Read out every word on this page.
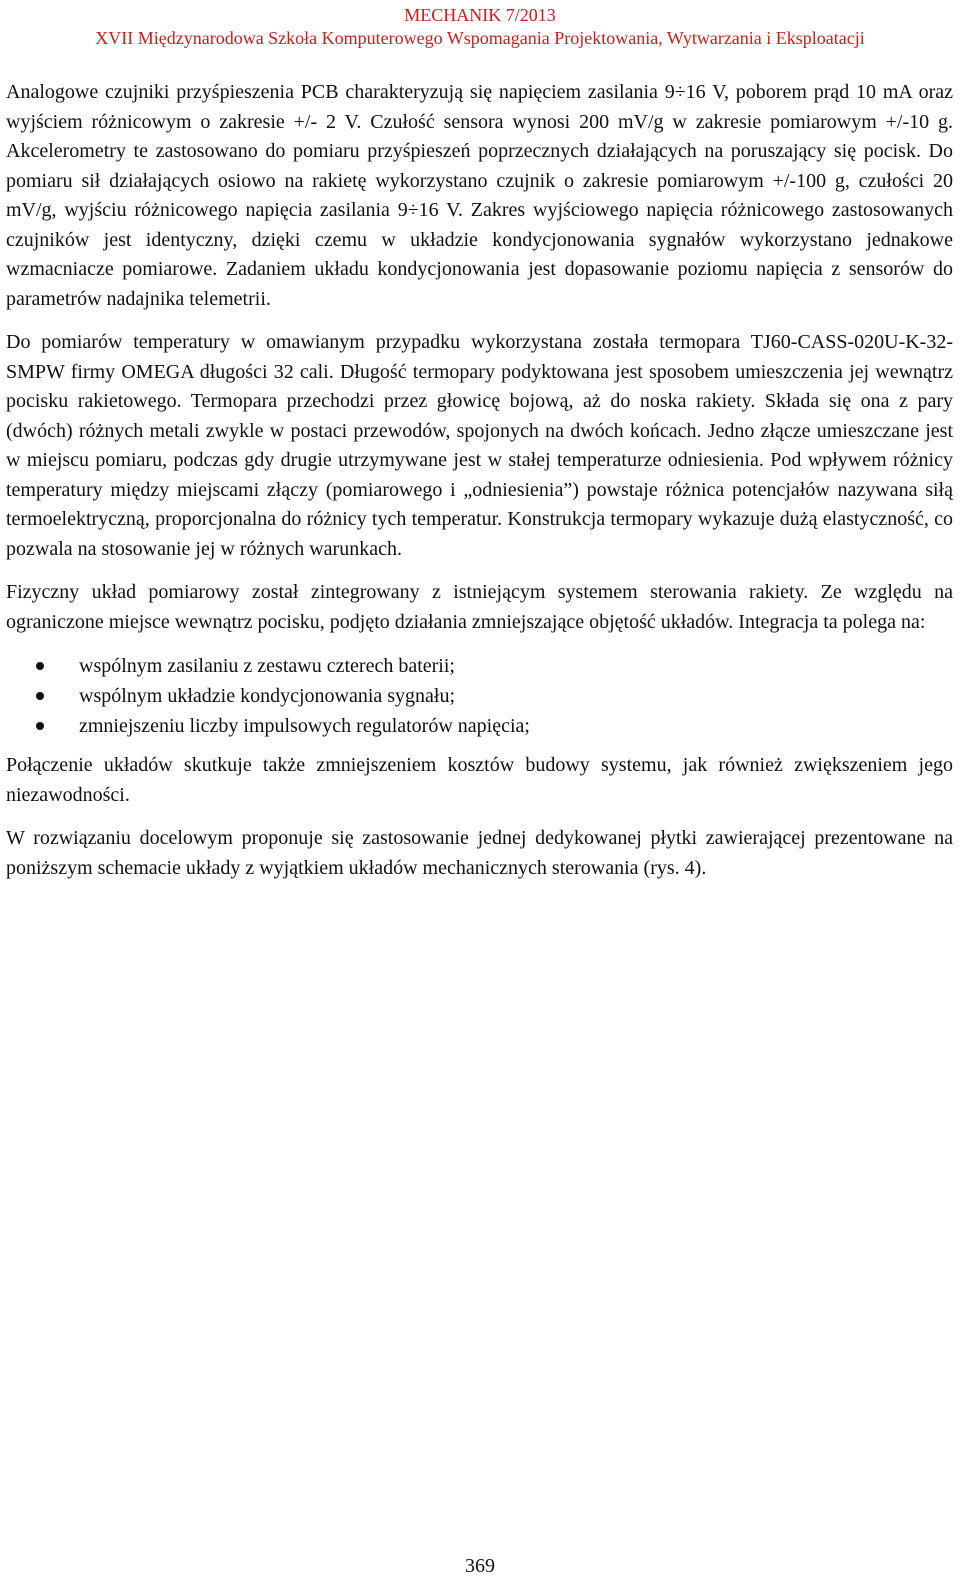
MECHANIK 7/2013
XVII Międzynarodowa Szkoła Komputerowego Wspomagania Projektowania, Wytwarzania i Eksploatacji

Analogowe czujniki przyśpieszenia PCB charakteryzują się napięciem zasilania 9÷16 V, poborem prąd 10 mA oraz wyjściem różnicowym o zakresie +/- 2 V. Czułość sensora wynosi 200 mV/g w zakresie pomiarowym +/-10 g. Akcelerometry te zastosowano do pomiaru przyśpieszeń poprzecznych działających na poruszający się pocisk. Do pomiaru sił działających osiowo na rakietę wykorzystano czujnik o zakresie pomiarowym +/-100 g, czułości 20 mV/g, wyjściu różnicowego napięcia zasilania 9÷16 V. Zakres wyjściowego napięcia różnicowego zastosowanych czujników jest identyczny, dzięki czemu w układzie kondycjonowania sygnałów wykorzystano jednakowe wzmacniacze pomiarowe. Zadaniem układu kondycjonowania jest dopasowanie poziomu napięcia z sensorów do parametrów nadajnika telemetrii.

Do pomiarów temperatury w omawianym przypadku wykorzystana została termopara TJ60-CASS-020U-K-32-SMPW firmy OMEGA długości 32 cali. Długość termopary podyktowana jest sposobem umieszczenia jej wewnątrz pocisku rakietowego. Termopara przechodzi przez głowicę bojową, aż do noska rakiety. Składa się ona z pary (dwóch) różnych metali zwykle w postaci przewodów, spojonych na dwóch końcach. Jedno złącze umieszczane jest w miejscu pomiaru, podczas gdy drugie utrzymywane jest w stałej temperaturze odniesienia. Pod wpływem różnicy temperatury między miejscami złączy (pomiarowego i „odniesienia”) powstaje różnica potencjałów nazywana siłą termoelektryczną, proporcjonalna do różnicy tych temperatur. Konstrukcja termopary wykazuje dużą elastyczność, co pozwala na stosowanie jej w różnych warunkach.

Fizyczny układ pomiarowy został zintegrowany z istniejącym systemem sterowania rakiety. Ze względu na ograniczone miejsce wewnątrz pocisku, podjęto działania zmniejszające objętość układów. Integracja ta polega na:

wspólnym zasilaniu z zestawu czterech baterii;
wspólnym układzie kondycjonowania sygnału;
zmniejszeniu liczby impulsowych regulatorów napięcia;

Połączenie układów skutkuje także zmniejszeniem kosztów budowy systemu, jak również zwiększeniem jego niezawodności.

W rozwiązaniu docelowym proponuje się zastosowanie jednej dedykowanej płytki zawierającej prezentowane na poniższym schemacie układy z wyjątkiem układów mechanicznych sterowania (rys. 4).

369
